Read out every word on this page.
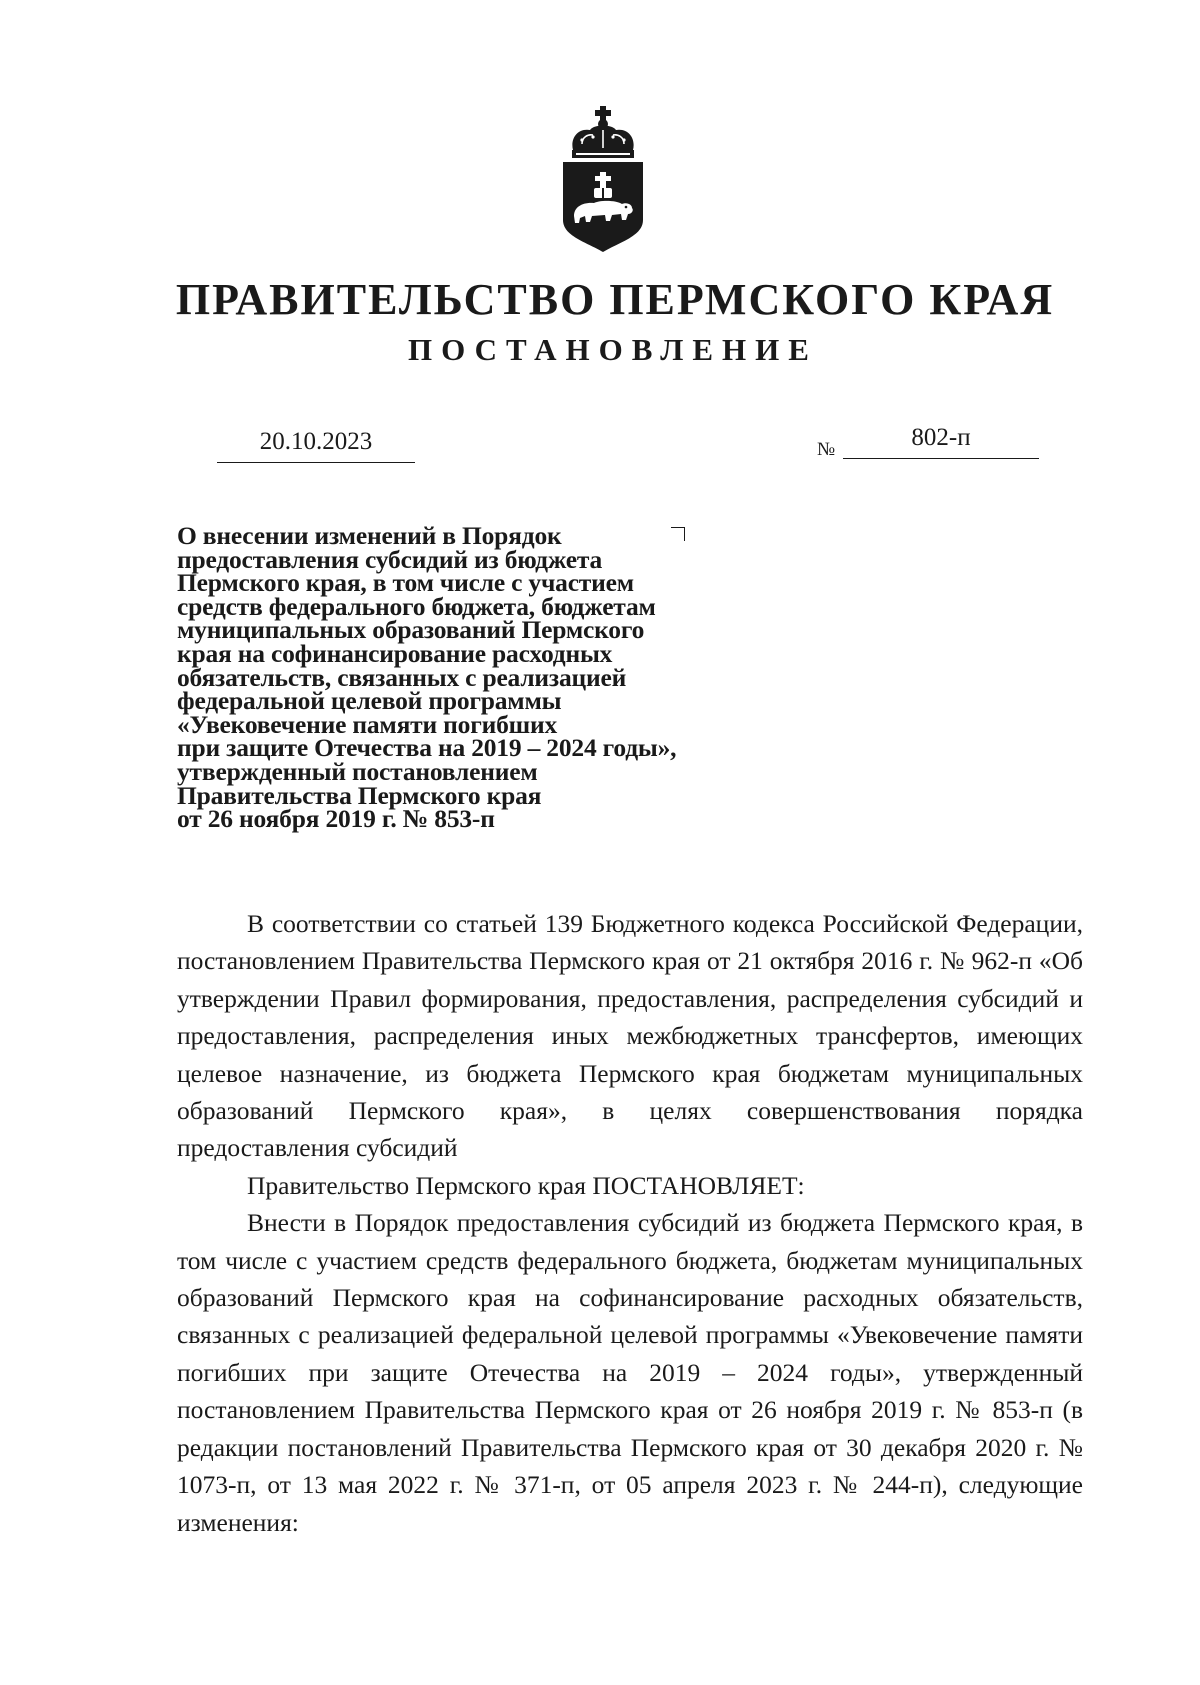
ПРАВИТЕЛЬСТВО ПЕРМСКОГО КРАЯ
ПОСТАНОВЛЕНИЕ
20.10.2023	№	802-п
О внесении изменений в Порядок
предоставления субсидий из бюджета
Пермского края, в том числе с участием
средств федерального бюджета, бюджетам
муниципальных образований Пермского
края на софинансирование расходных
обязательств, связанных с реализацией
федеральной целевой программы
«Увековечение памяти погибших
при защите Отечества на 2019 – 2024 годы»,
утвержденный постановлением
Правительства Пермского края
от 26 ноября 2019 г. № 853-п

В соответствии со статьей 139 Бюджетного кодекса Российской Федерации, постановлением Правительства Пермского края от 21 октября 2016 г. № 962-п «Об утверждении Правил формирования, предоставления, распределения субсидий и предоставления, распределения иных межбюджетных трансфертов, имеющих целевое назначение, из бюджета Пермского края бюджетам муниципальных образований Пермского края», в целях совершенствования порядка предоставления субсидий

Правительство Пермского края ПОСТАНОВЛЯЕТ:

Внести в Порядок предоставления субсидий из бюджета Пермского края, в том числе с участием средств федерального бюджета, бюджетам муниципальных образований Пермского края на софинансирование расходных обязательств, связанных с реализацией федеральной целевой программы «Увековечение памяти погибших при защите Отечества на 2019 – 2024 годы», утвержденный постановлением Правительства Пермского края от 26 ноября 2019 г. № 853-п (в редакции постановлений Правительства Пермского края от 30 декабря 2020 г. № 1073-п, от 13 мая 2022 г. № 371-п, от 05 апреля 2023 г. № 244-п), следующие изменения:
